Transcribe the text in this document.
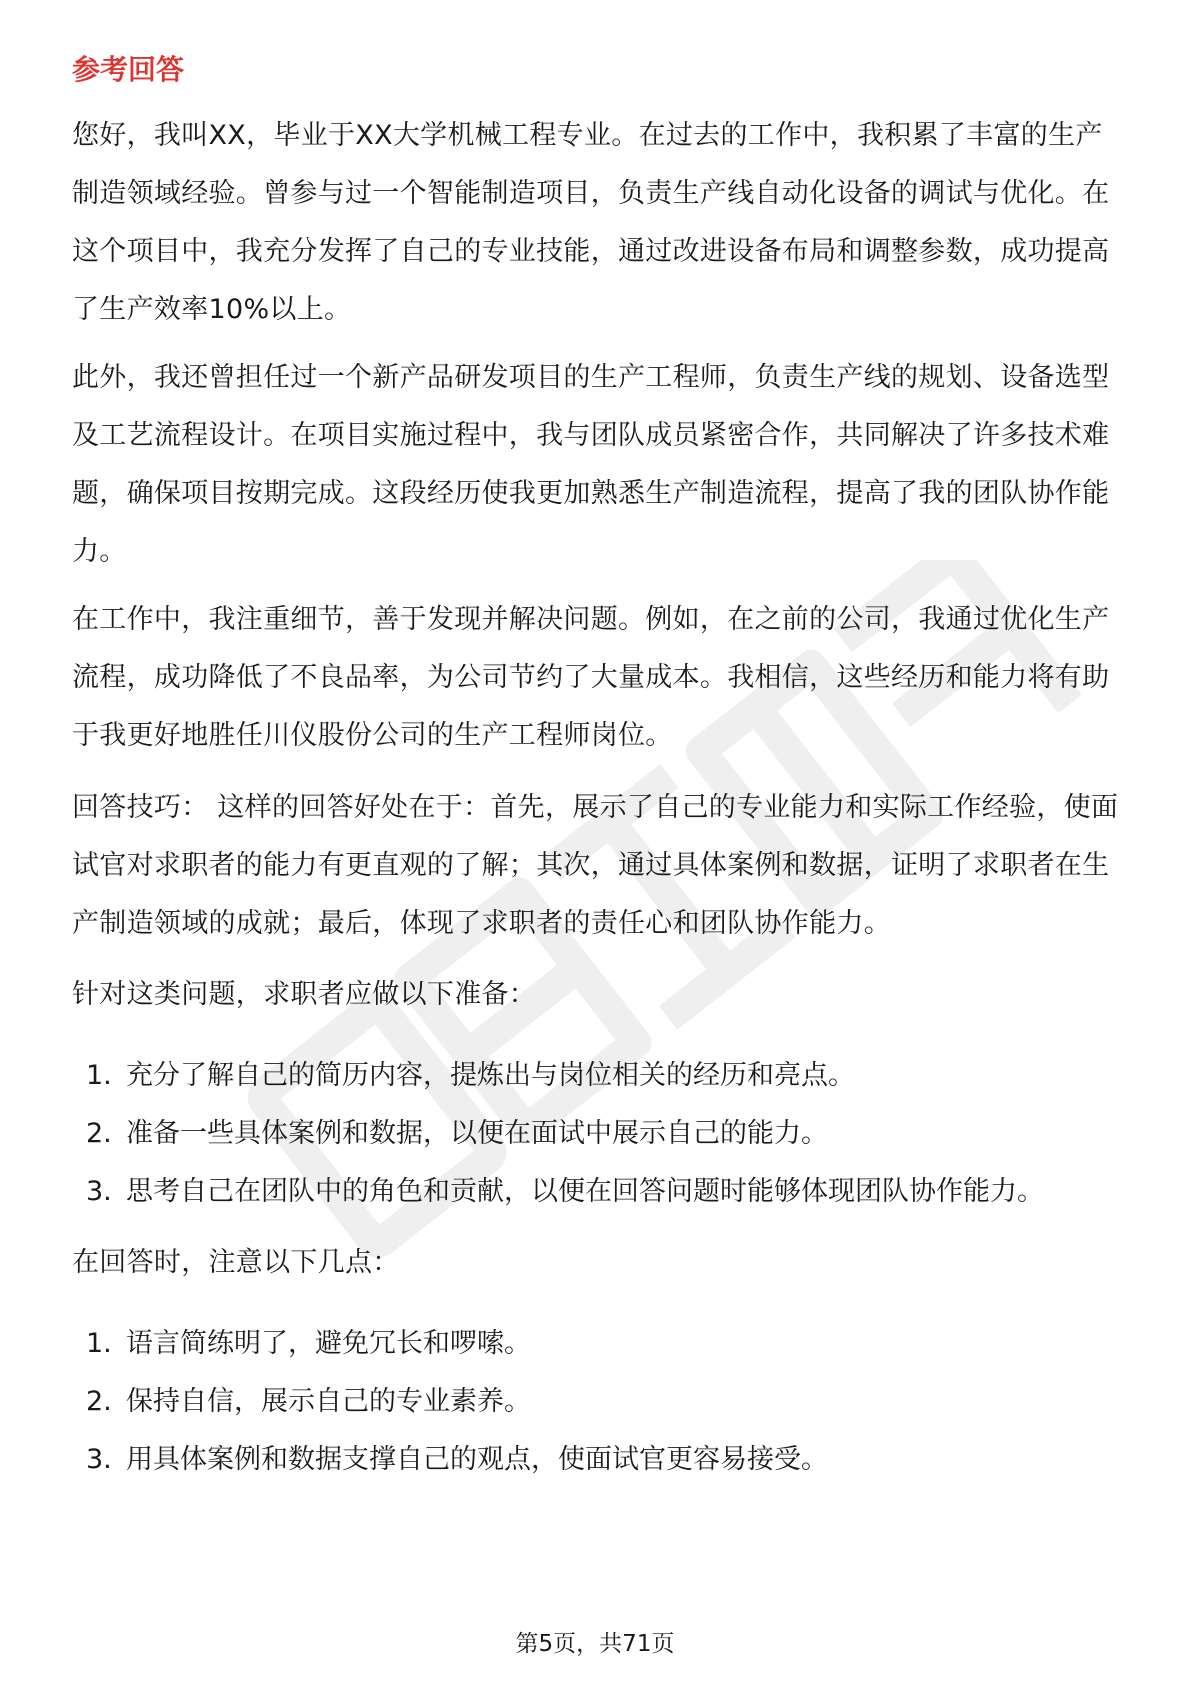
参考回答

您好，我叫XX，毕业于XX大学机械工程专业。在过去的工作中，我积累了丰富的生产制造领域经验。曾参与过一个智能制造项目，负责生产线自动化设备的调试与优化。在这个项目中，我充分发挥了自己的专业技能，通过改进设备布局和调整参数，成功提高了生产效率10%以上。

此外，我还曾担任过一个新产品研发项目的生产工程师，负责生产线的规划、设备选型及工艺流程设计。在项目实施过程中，我与团队成员紧密合作，共同解决了许多技术难题，确保项目按期完成。这段经历使我更加熟悉生产制造流程，提高了我的团队协作能力。

在工作中，我注重细节，善于发现并解决问题。例如，在之前的公司，我通过优化生产流程，成功降低了不良品率，为公司节约了大量成本。我相信，这些经历和能力将有助于我更好地胜任川仪股份公司的生产工程师岗位。

回答技巧： 这样的回答好处在于：首先，展示了自己的专业能力和实际工作经验，使面试官对求职者的能力有更直观的了解；其次，通过具体案例和数据，证明了求职者在生产制造领域的成就；最后，体现了求职者的责任心和团队协作能力。

针对这类问题，求职者应做以下准备：

1. 充分了解自己的简历内容，提炼出与岗位相关的经历和亮点。
2. 准备一些具体案例和数据，以便在面试中展示自己的能力。
3. 思考自己在团队中的角色和贡献，以便在回答问题时能够体现团队协作能力。

在回答时，注意以下几点：

1. 语言简练明了，避免冗长和啰嗦。
2. 保持自信，展示自己的专业素养。
3. 用具体案例和数据支撑自己的观点，使面试官更容易接受。
第5页，共71页
